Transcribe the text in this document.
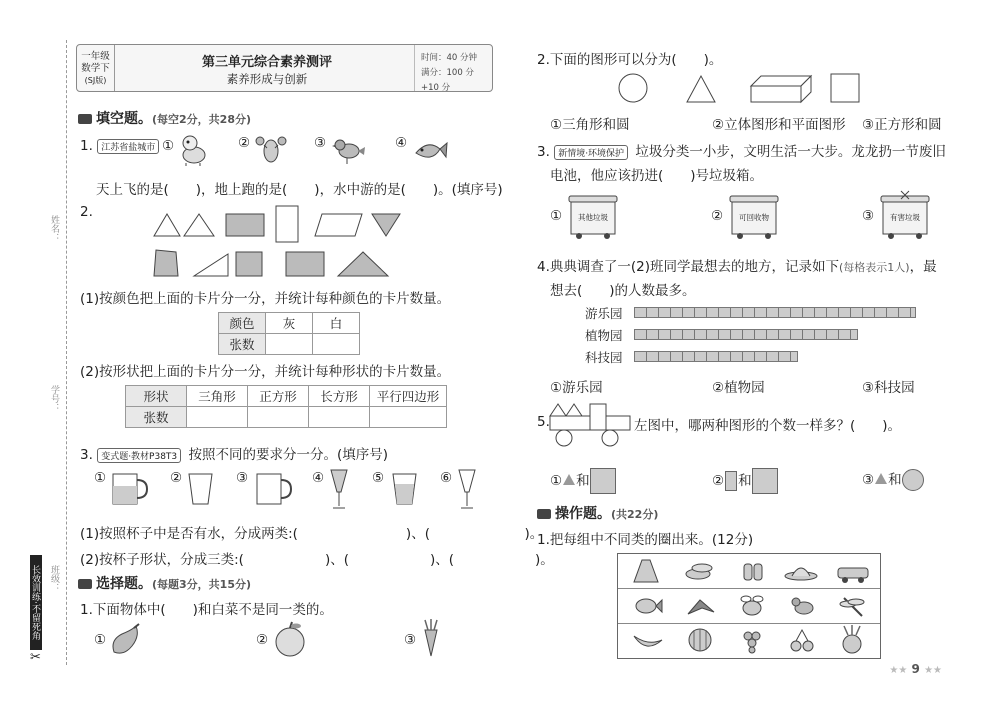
姓名：
学号：
班级：
长效训练·不留死角
✂
一年级
数学下
(SJ版)
第三单元综合素养测评
素养形成与创新
时间：40 分钟
满分：100 分 +10 分
填空题。(每空2分，共28分)
1. 江苏省盐城市 ①	②	③	④
天上飞的是(　　)，地上跑的是(　　)，水中游的是(　　)。(填序号)
2.
(1)按颜色把上面的卡片分一分，并统计每种颜色的卡片数量。
颜色	灰	白
张数		
(2)按形状把上面的卡片分一分，并统计每种形状的卡片数量。
形状	三角形	正方形	长方形	平行四边形
张数				
3. 变式题·教材P38T3 按照不同的要求分一分。(填序号)
①	②	③	④	⑤	⑥
(1)按照杯子中是否有水，分成两类:(　　　　　　　　)、(　　　　　　　)。
(2)按杯子形状，分成三类:(　　　　　　)、(　　　　　　)、(　　　　　　)。
选择题。(每题3分，共15分)
1.下面物体中(　　)和白菜不是同一类的。
①	②	③
2.下面的图形可以分为(　　)。
①三角形和圆	②立体图形和平面图形 ③正方形和圆
3. 新情境·环境保护 垃圾分类一小步，文明生活一大步。龙龙扔一节废旧
电池，他应该扔进(　　)号垃圾箱。
①	其他垃圾	②	可回收物	③	有害垃圾
4.典典调查了一(2)班同学最想去的地方，记录如下(每格表示1人)，最
想去(　　)的人数最多。
游乐园
植物园
科技园
①游乐园	②植物园	③科技园
5.	左图中，哪两种图形的个数一样多？(　　)。
① 和	② 和	③ 和
操作题。(共22分)
1.把每组中不同类的圈出来。(12分)
★★ 9 ★★
